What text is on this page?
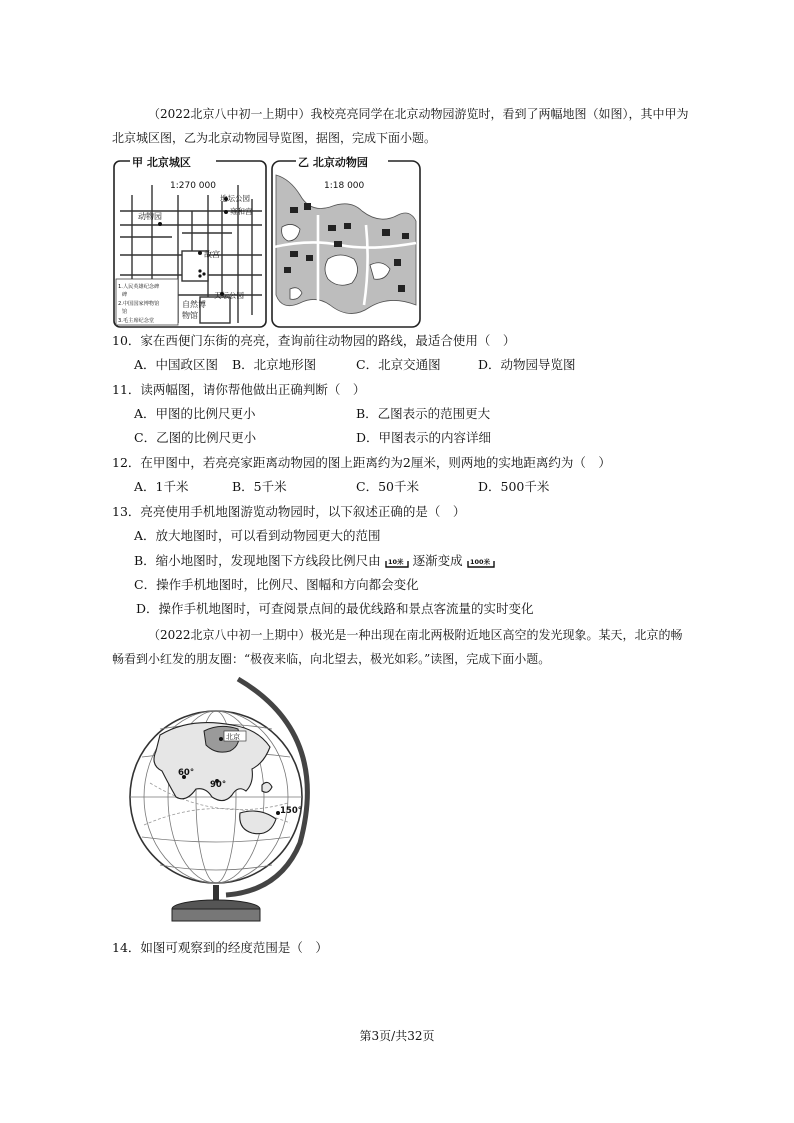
（2022北京八中初一上期中）我校亮亮同学在北京动物园游览时，看到了两幅地图（如图），其中甲为
北京城区图，乙为北京动物园导览图，据图，完成下面小题。
甲 北京城区
1:270 000
动物园
地坛公园
雍和宫
故宫
天坛公园
自然博
物馆
1.人民英雄纪念碑
碑
2.中国国家博物馆
馆
3.毛主席纪念堂
乙 北京动物园
1:18 000
10．家在西便门东街的亮亮，查询前往动物园的路线，最适合使用（　）
A．中国政区图 B．北京地形图	C．北京交通图	D．动物园导览图
11．读两幅图，请你帮他做出正确判断（　）
A．甲图的比例尺更小	B．乙图表示的范围更大
C．乙图的比例尺更小	D．甲图表示的内容详细
12．在甲图中，若亮亮家距离动物园的图上距离约为2厘米，则两地的实地距离约为（　）
A．1千米	B．5千米	C．50千米	D．500千米
13．亮亮使用手机地图游览动物园时，以下叙述正确的是（　）
A．放大地图时，可以看到动物园更大的范围
B．缩小地图时，发现地图下方线段比例尺由 10米 逐渐变成 100米
C．操作手机地图时，比例尺、图幅和方向都会变化
D．操作手机地图时，可查阅景点间的最优线路和景点客流量的实时变化
（2022北京八中初一上期中）极光是一种出现在南北两极附近地区高空的发光现象。某天，北京的畅
畅看到小红发的朋友圈：“极夜来临，向北望去，极光如彩。”读图，完成下面小题。
北京
60°
90°
150°
14．如图可观察到的经度范围是（　）
第3页/共32页
